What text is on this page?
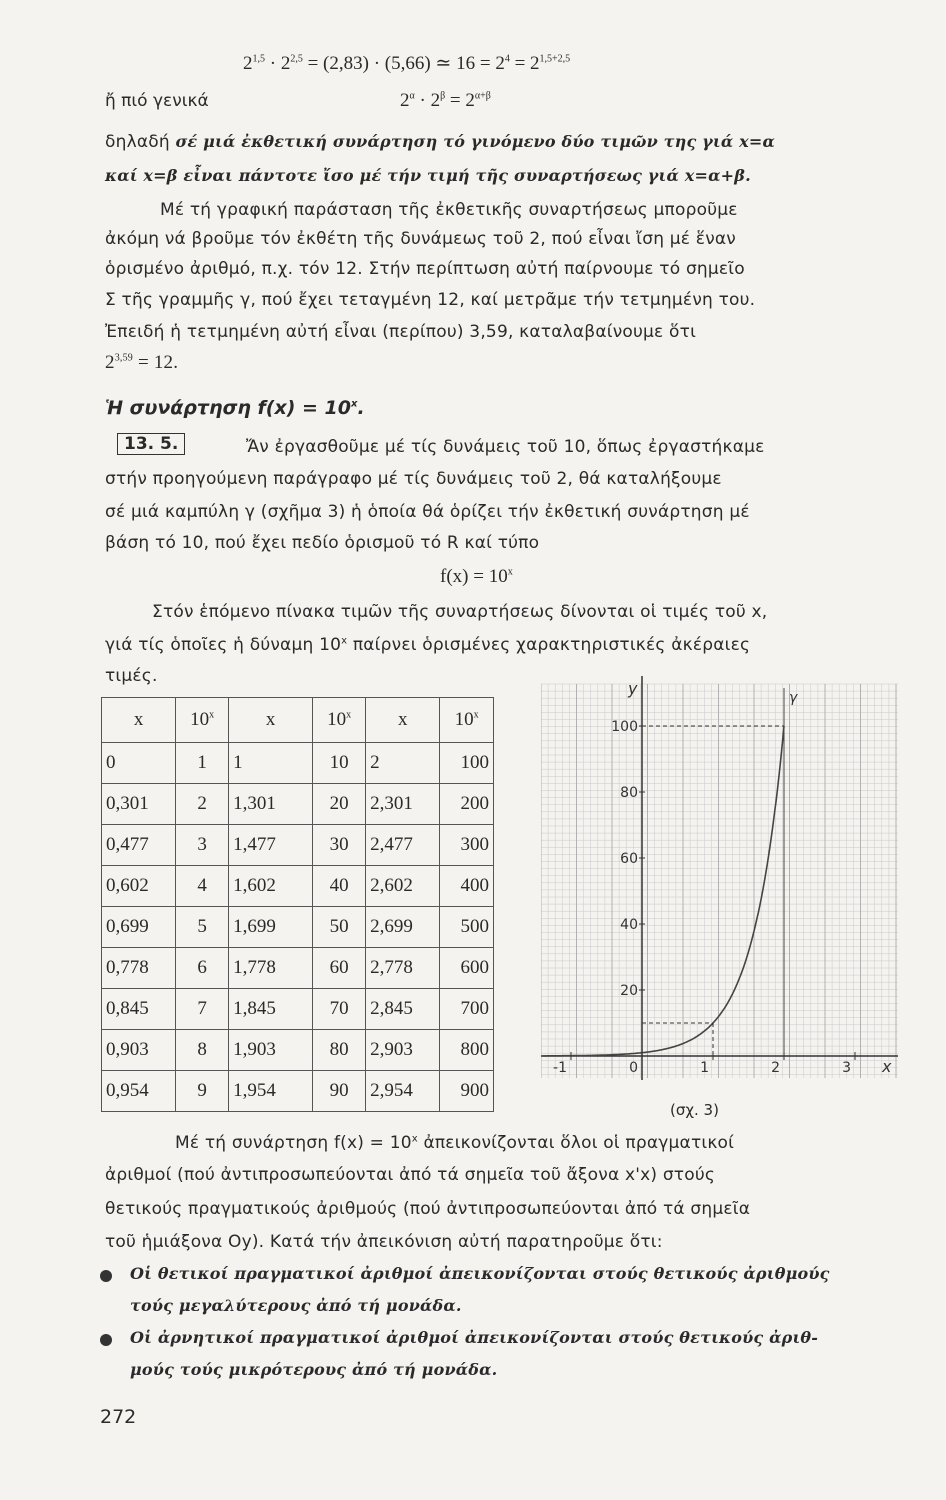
$2^{1,5} \cdot 2^{2,5} = (2,83) \cdot (5,66)$ ≃ $16 = 2^4 = 2^{1,5+2,5}$
ἤ πιό γενικά	$2^\alpha \cdot 2^\beta = 2^{\alpha+\beta}$
δηλαδή σέ μιά ἐκθετική συνάρτηση τό γινόμενο δύο τιμῶν της γιά x=α
καί x=β εἶναι πάντοτε ἴσο μέ τήν τιμή τῆς συναρτήσεως γιά x=α+β.
Μέ τή γραφική παράσταση τῆς ἐκθετικῆς συναρτήσεως μποροῦμε
ἀκόμη νά βροῦμε τόν ἐκθέτη τῆς δυνάμεως τοῦ 2, πού εἶναι ἴση μέ ἕναν
ὁρισμένο ἀριθμό, π.χ. τόν 12. Στήν περίπτωση αὐτή παίρνουμε τό σημεῖο
Σ τῆς γραμμῆς γ, πού ἔχει τεταγμένη 12, καί μετρᾶμε τήν τετμημένη του.
Ἐπειδή ἡ τετμημένη αὐτή εἶναι (περίπου) 3,59, καταλαβαίνουμε ὅτι
$2^{3,59} = 12$.
Ἡ συνάρτηση $f(x) = 10^x$.
13. 5.	Ἄν ἐργασθοῦμε μέ τίς δυνάμεις τοῦ 10, ὅπως ἐργαστήκαμε
στήν προηγούμενη παράγραφο μέ τίς δυνάμεις τοῦ 2, θά καταλήξουμε
σέ μιά καμπύλη γ (σχῆμα 3) ἡ ὁποία θά ὁρίζει τήν ἐκθετική συνάρτηση μέ
βάση τό 10, πού ἔχει πεδίο ὁρισμοῦ τό R καί τύπο
$f(x) = 10^x$
Στόν ἑπόμενο πίνακα τιμῶν τῆς συναρτήσεως δίνονται οἱ τιμές τοῦ x,
γιά τίς ὁποῖες ἡ δύναμη 10$^x$ παίρνει ὁρισμένες χαρακτηριστικές ἀκέραιες
τιμές.
x	10$^x$	x	10$^x$	x	10$^x$
0	1	1	10	2	100
0,301	2	1,301	20	2,301	200
0,477	3	1,477	30	2,477	300
0,602	4	1,602	40	2,602	400
0,699	5	1,699	50	2,699	500
0,778	6	1,778	60	2,778	600
0,845	7	1,845	70	2,845	700
0,903	8	1,903	80	2,903	800
0,954	9	1,954	90	2,954	900
y	γ
100
80
60
40
20
-1	0	1	2	3 x
(σχ. 3)
Μέ τή συνάρτηση $f(x) = 10^x$ ἀπεικονίζονται ὅλοι οἱ πραγματικοί
ἀριθμοί (πού ἀντιπροσωπεύονται ἀπό τά σημεῖα τοῦ ἄξονα x'x) στούς
θετικούς πραγματικούς ἀριθμούς (πού ἀντιπροσωπεύονται ἀπό τά σημεῖα
τοῦ ἡμιάξονα Oy). Κατά τήν ἀπεικόνιση αὐτή παρατηροῦμε ὅτι:
Οἱ θετικοί πραγματικοί ἀριθμοί ἀπεικονίζονται στούς θετικούς ἀριθμούς
τούς μεγαλύτερους ἀπό τή μονάδα.
Οἱ ἀρνητικοί πραγματικοί ἀριθμοί ἀπεικονίζονται στούς θετικούς ἀριθ-
μούς τούς μικρότερους ἀπό τή μονάδα.
272
